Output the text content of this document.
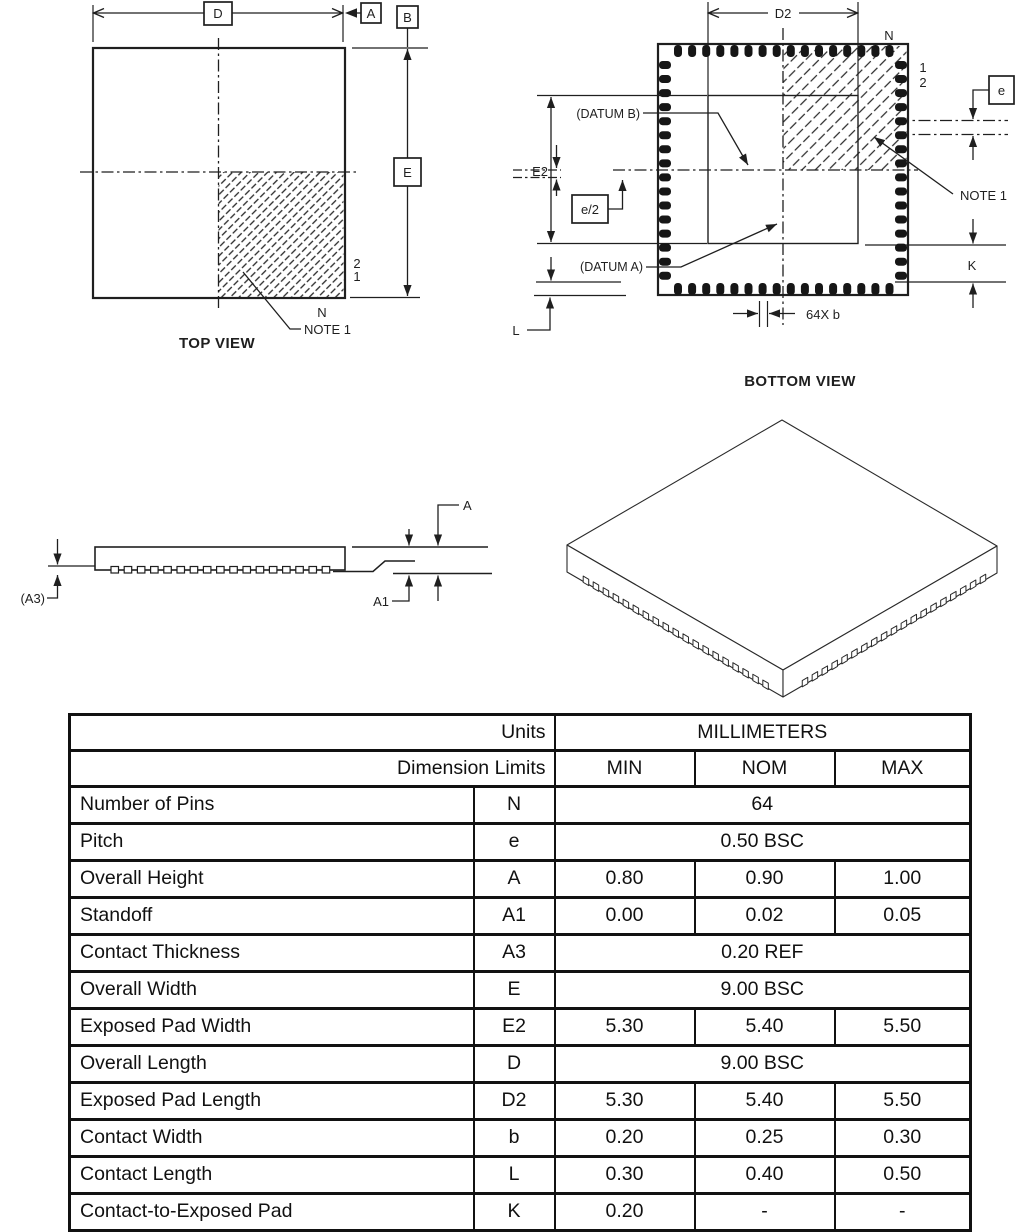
D	A B
E
2
1
N
NOTE 1
TOP VIEW
D2
N
1
2
E2
e/2
e
K
L
64X b
(DATUM B)
(DATUM A)
NOTE 1
BOTTOM VIEW
(A3)
A
A1
Units		MILLIMETERS		
Dimension Limits		MIN	NOM	MAX
Number of Pins	N	64		
Pitch	e	0.50 BSC		
Overall Height	A	0.80	0.90	1.00
Standoff	A1	0.00	0.02	0.05
Contact Thickness	A3	0.20 REF		
Overall Width	E	9.00 BSC		
Exposed Pad Width	E2	5.30	5.40	5.50
Overall Length	D	9.00 BSC		
Exposed Pad Length	D2	5.30	5.40	5.50
Contact Width	b	0.20	0.25	0.30
Contact Length	L	0.30	0.40	0.50
Contact-to-Exposed Pad	K	0.20	-	-
